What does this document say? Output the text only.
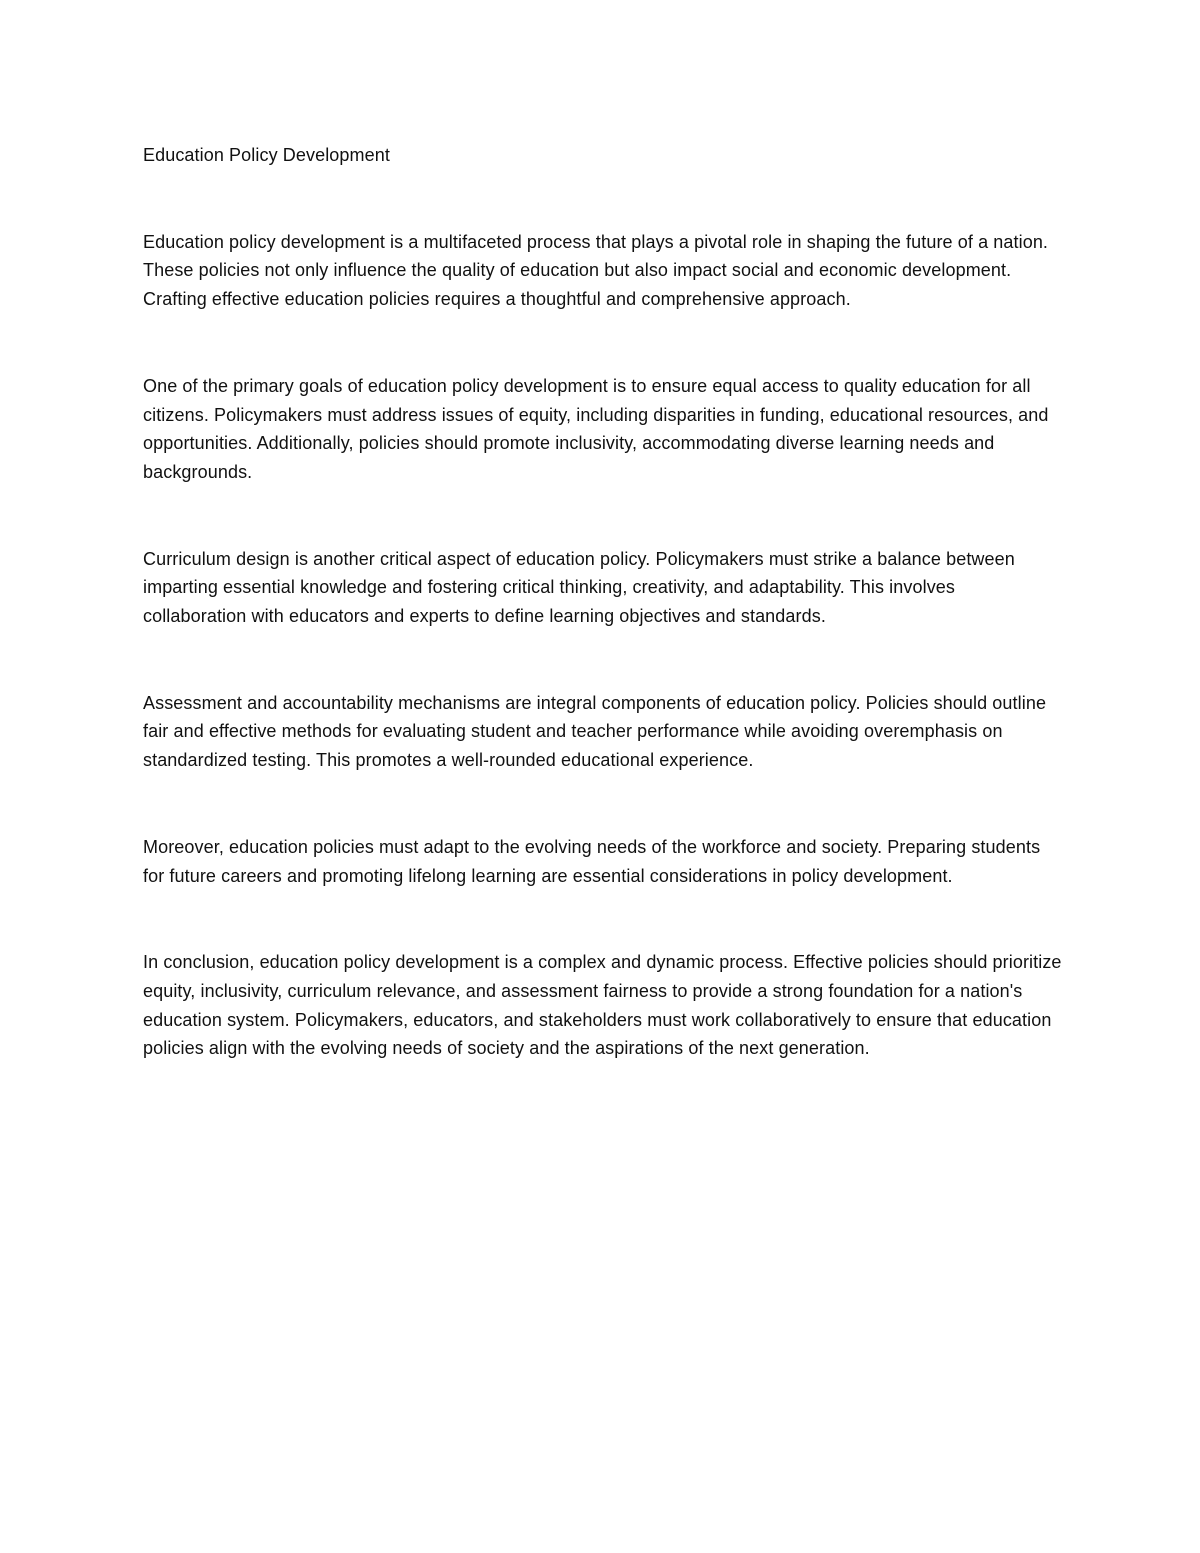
Education Policy Development

Education policy development is a multifaceted process that plays a pivotal role in shaping the future of a nation. These policies not only influence the quality of education but also impact social and economic development. Crafting effective education policies requires a thoughtful and comprehensive approach.

One of the primary goals of education policy development is to ensure equal access to quality education for all citizens. Policymakers must address issues of equity, including disparities in funding, educational resources, and opportunities. Additionally, policies should promote inclusivity, accommodating diverse learning needs and backgrounds.

Curriculum design is another critical aspect of education policy. Policymakers must strike a balance between imparting essential knowledge and fostering critical thinking, creativity, and adaptability. This involves collaboration with educators and experts to define learning objectives and standards.

Assessment and accountability mechanisms are integral components of education policy. Policies should outline fair and effective methods for evaluating student and teacher performance while avoiding overemphasis on standardized testing. This promotes a well-rounded educational experience.

Moreover, education policies must adapt to the evolving needs of the workforce and society. Preparing students for future careers and promoting lifelong learning are essential considerations in policy development.

In conclusion, education policy development is a complex and dynamic process. Effective policies should prioritize equity, inclusivity, curriculum relevance, and assessment fairness to provide a strong foundation for a nation's education system. Policymakers, educators, and stakeholders must work collaboratively to ensure that education policies align with the evolving needs of society and the aspirations of the next generation.
